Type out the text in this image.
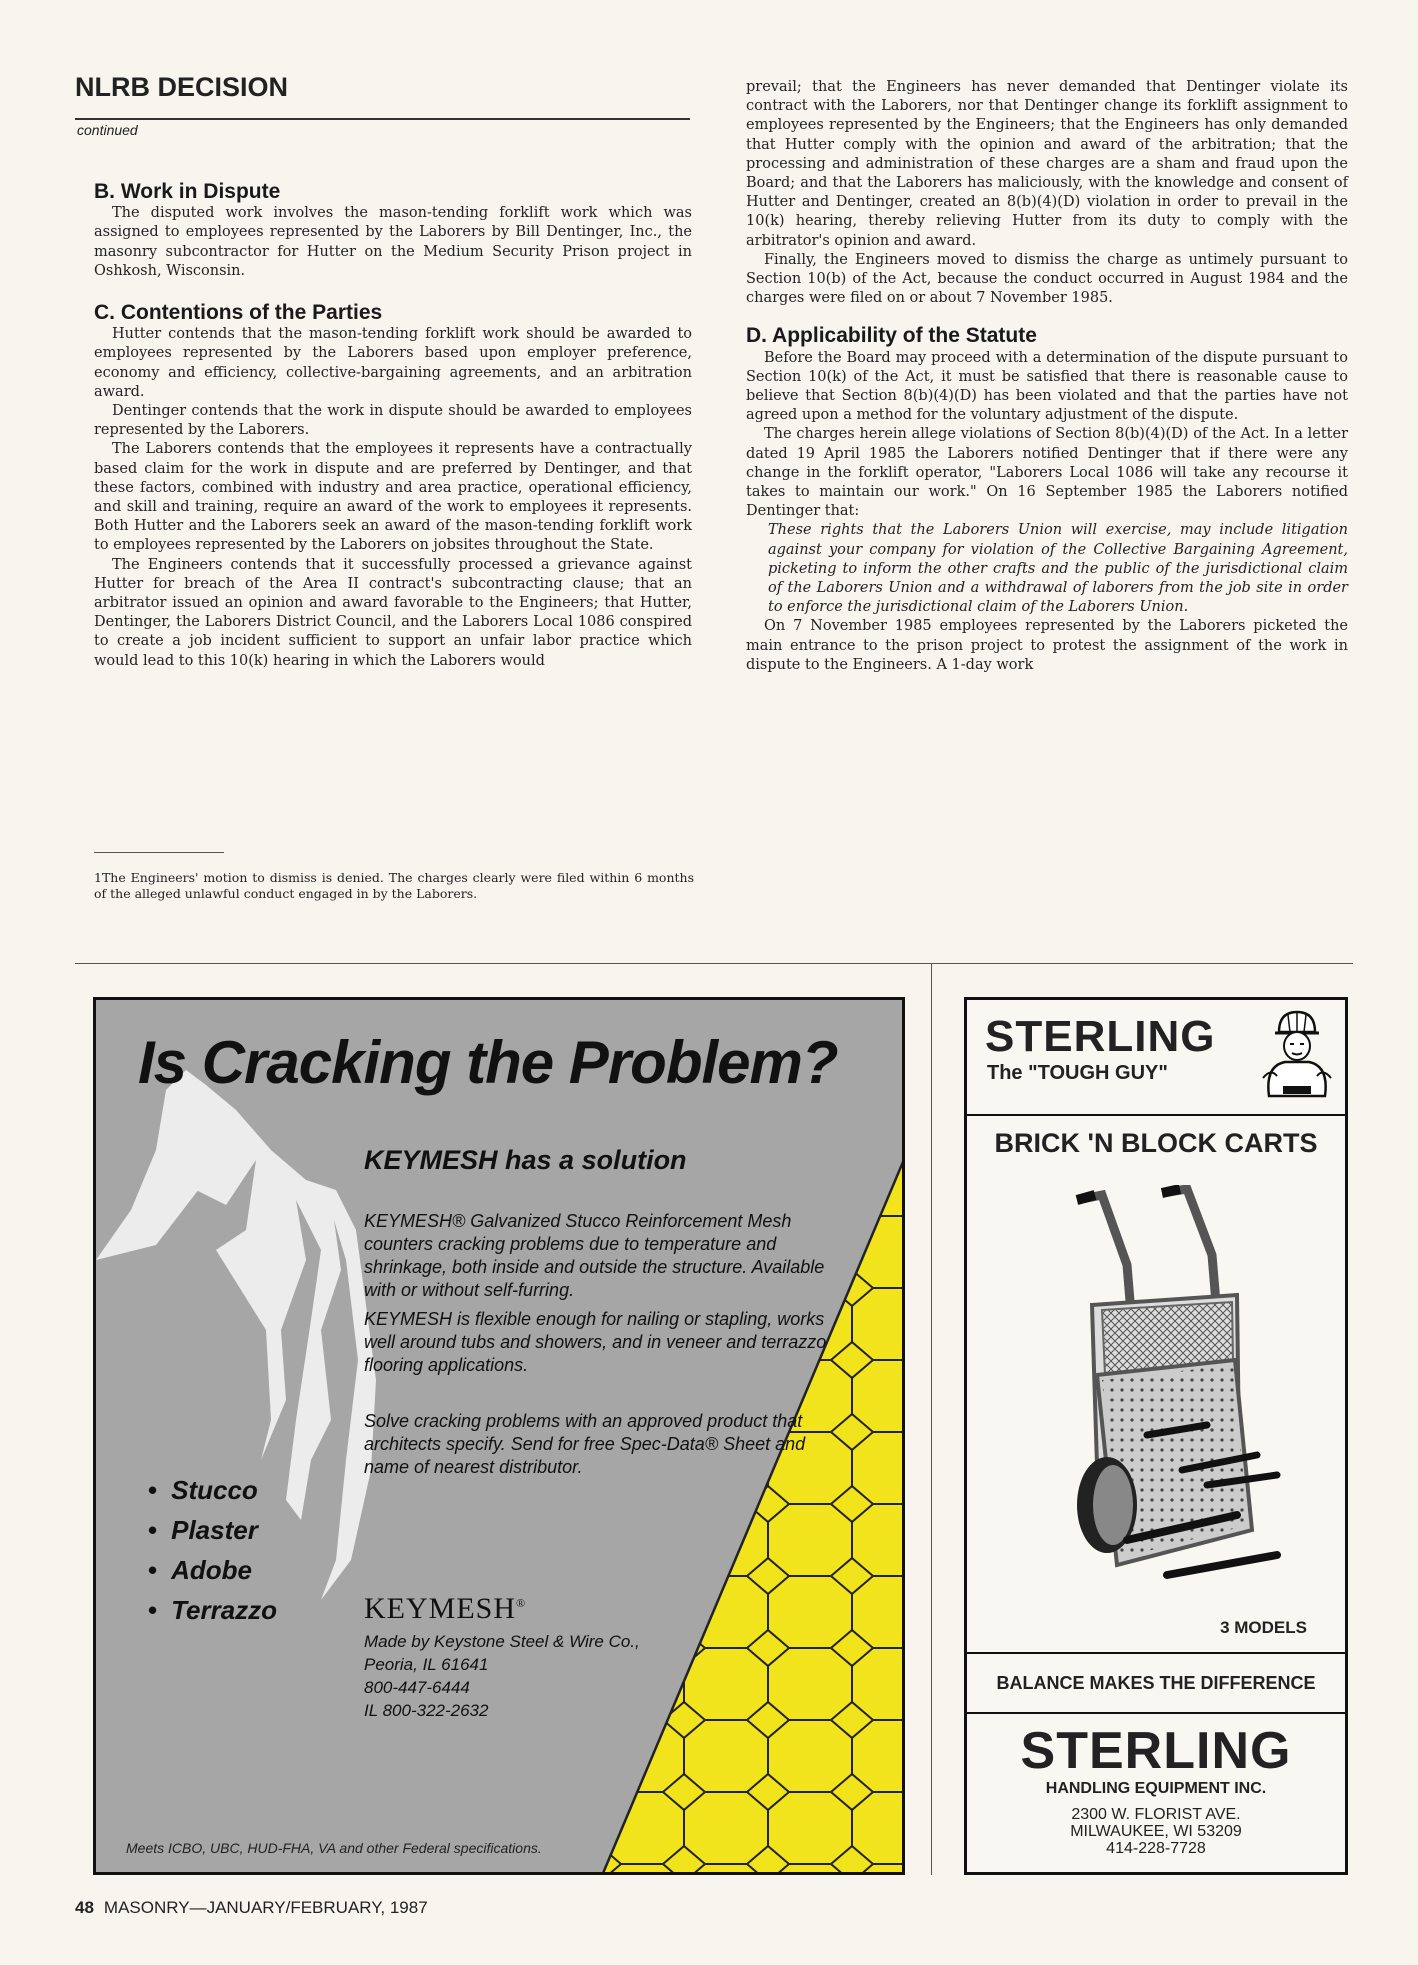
NLRB DECISION
continued
B. Work in Dispute

The disputed work involves the mason-tending forklift work which was assigned to employees represented by the Laborers by Bill Dentinger, Inc., the masonry subcontractor for Hutter on the Medium Security Prison project in Oshkosh, Wisconsin.

C. Contentions of the Parties

Hutter contends that the mason-tending forklift work should be awarded to employees represented by the Laborers based upon employer preference, economy and efficiency, collective-bargaining agreements, and an arbitration award.

Dentinger contends that the work in dispute should be awarded to employees represented by the Laborers.

The Laborers contends that the employees it represents have a contractually based claim for the work in dispute and are preferred by Dentinger, and that these factors, combined with industry and area practice, operational efficiency, and skill and training, require an award of the work to employees it represents. Both Hutter and the Laborers seek an award of the mason-tending forklift work to employees represented by the Laborers on jobsites throughout the State.

The Engineers contends that it successfully processed a grievance against Hutter for breach of the Area II contract's subcontracting clause; that an arbitrator issued an opinion and award favorable to the Engineers; that Hutter, Dentinger, the Laborers District Council, and the Laborers Local 1086 conspired to create a job incident sufficient to support an unfair labor practice which would lead to this 10(k) hearing in which the Laborers would

1The Engineers' motion to dismiss is denied. The charges clearly were filed within 6 months of the alleged unlawful conduct engaged in by the Laborers.

prevail; that the Engineers has never demanded that Dentinger violate its contract with the Laborers, nor that Dentinger change its forklift assignment to employees represented by the Engineers; that the Engineers has only demanded that Hutter comply with the opinion and award of the arbitration; that the processing and administration of these charges are a sham and fraud upon the Board; and that the Laborers has maliciously, with the knowledge and consent of Hutter and Dentinger, created an 8(b)(4)(D) violation in order to prevail in the 10(k) hearing, thereby relieving Hutter from its duty to comply with the arbitrator's opinion and award.

Finally, the Engineers moved to dismiss the charge as untimely pursuant to Section 10(b) of the Act, because the conduct occurred in August 1984 and the charges were filed on or about 7 November 1985.

D. Applicability of the Statute

Before the Board may proceed with a determination of the dispute pursuant to Section 10(k) of the Act, it must be satisfied that there is reasonable cause to believe that Section 8(b)(4)(D) has been violated and that the parties have not agreed upon a method for the voluntary adjustment of the dispute.

The charges herein allege violations of Section 8(b)(4)(D) of the Act. In a letter dated 19 April 1985 the Laborers notified Dentinger that if there were any change in the forklift operator, "Laborers Local 1086 will take any recourse it takes to maintain our work." On 16 September 1985 the Laborers notified Dentinger that:

These rights that the Laborers Union will exercise, may include litigation against your company for violation of the Collective Bargaining Agreement, picketing to inform the other crafts and the public of the jurisdictional claim of the Laborers Union and a withdrawal of laborers from the job site in order to enforce the jurisdictional claim of the Laborers Union.

On 7 November 1985 employees represented by the Laborers picketed the main entrance to the prison project to protest the assignment of the work in dispute to the Engineers. A 1-day work

Is Cracking the Problem?
KEYMESH has a solution

KEYMESH® Galvanized Stucco Reinforcement Mesh counters cracking problems due to temperature and shrinkage, both inside and outside the structure. Available with or without self-furring.

KEYMESH is flexible enough for nailing or stapling, works well around tubs and showers, and in veneer and terrazzo flooring applications.

Solve cracking problems with an approved product that architects specify. Send for free Spec-Data® Sheet and name of nearest distributor.

• Stucco
• Plaster
• Adobe
• Terrazzo	KEYMESH®
Made by Keystone Steel & Wire Co.,
Peoria, IL 61641
800-447-6444
IL 800-322-2632
Meets ICBO, UBC, HUD-FHA, VA and other Federal specifications.
STERLING
The "TOUGH GUY"
BRICK 'N BLOCK CARTS
3 MODELS
BALANCE MAKES THE DIFFERENCE
STERLING
HANDLING EQUIPMENT INC.
2300 W. FLORIST AVE.
MILWAUKEE, WI 53209
414-228-7728
48 MASONRY—JANUARY/FEBRUARY, 1987
